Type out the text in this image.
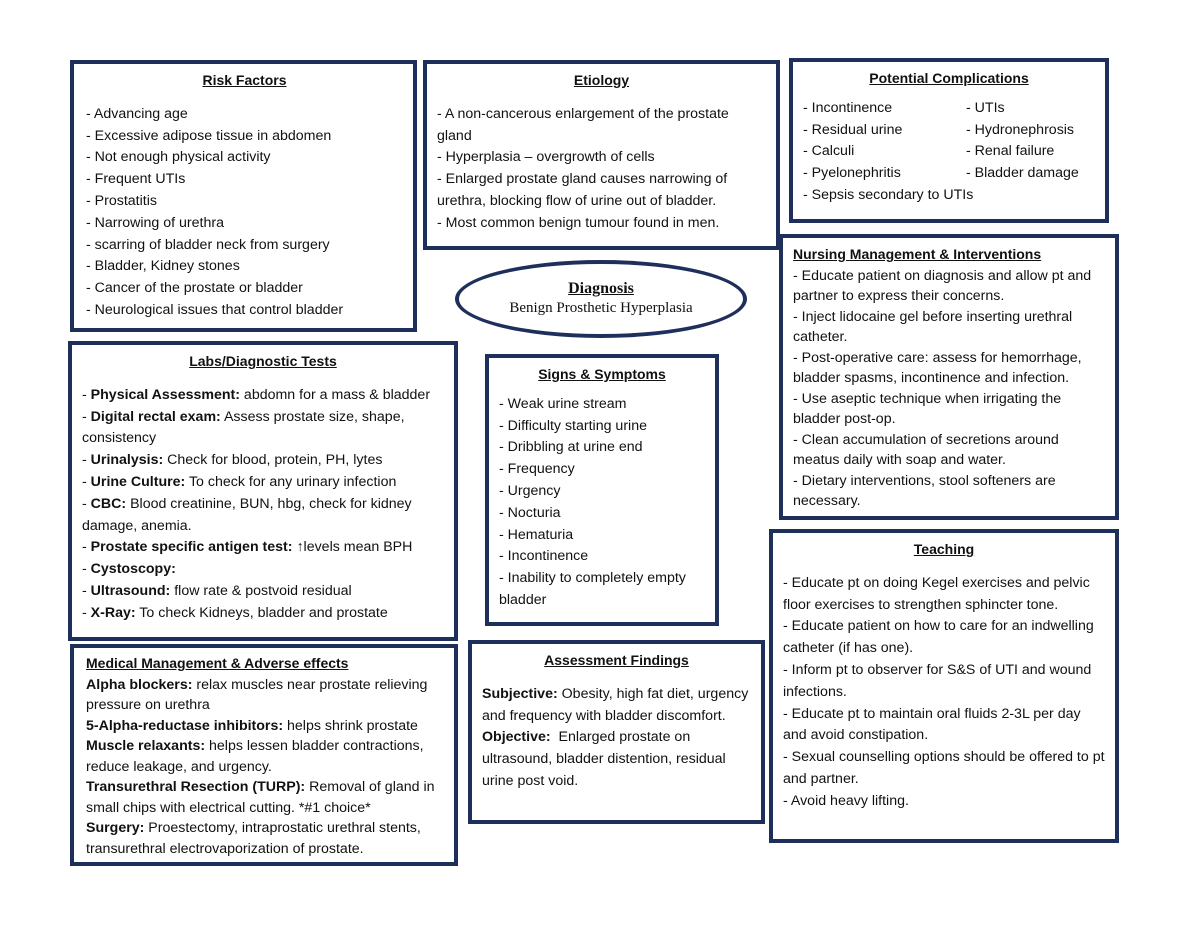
Risk Factors
- Advancing age
- Excessive adipose tissue in abdomen
- Not enough physical activity
- Frequent UTIs
- Prostatitis
- Narrowing of urethra
- scarring of bladder neck from surgery
- Bladder, Kidney stones
- Cancer of the prostate or bladder
- Neurological issues that control bladder
Etiology
- A non-cancerous enlargement of the prostate gland
- Hyperplasia – overgrowth of cells
- Enlarged prostate gland causes narrowing of urethra, blocking flow of urine out of bladder.
- Most common benign tumour found in men.
Potential Complications
- Incontinence	- UTIs
- Residual urine	- Hydronephrosis
- Calculi	- Renal failure
- Pyelonephritis	- Bladder damage
- Sepsis secondary to UTIs
Nursing Management & Interventions
- Educate patient on diagnosis and allow pt and partner to express their concerns.
- Inject lidocaine gel before inserting urethral catheter.
- Post-operative care: assess for hemorrhage, bladder spasms, incontinence and infection.
- Use aseptic technique when irrigating the bladder post-op.
- Clean accumulation of secretions around meatus daily with soap and water.
- Dietary interventions, stool softeners are necessary.
Diagnosis
Benign Prosthetic Hyperplasia
Labs/Diagnostic Tests
- Physical Assessment: abdomn for a mass & bladder
- Digital rectal exam: Assess prostate size, shape, consistency
- Urinalysis: Check for blood, protein, PH, lytes
- Urine Culture: To check for any urinary infection
- CBC: Blood creatinine, BUN, hbg, check for kidney damage, anemia.
- Prostate specific antigen test: ↑levels mean BPH
- Cystoscopy:
- Ultrasound: flow rate & postvoid residual
- X-Ray: To check Kidneys, bladder and prostate
Signs & Symptoms
- Weak urine stream
- Difficulty starting urine
- Dribbling at urine end
- Frequency
- Urgency
- Nocturia
- Hematuria
- Incontinence
- Inability to completely empty bladder
Teaching
- Educate pt on doing Kegel exercises and pelvic floor exercises to strengthen sphincter tone.
- Educate patient on how to care for an indwelling catheter (if has one).
- Inform pt to observer for S&S of UTI and wound infections.
- Educate pt to maintain oral fluids 2-3L per day and avoid constipation.
- Sexual counselling options should be offered to pt and partner.
- Avoid heavy lifting.
Medical Management & Adverse effects
Alpha blockers: relax muscles near prostate relieving pressure on urethra
5-Alpha-reductase inhibitors: helps shrink prostate
Muscle relaxants: helps lessen bladder contractions, reduce leakage, and urgency.
Transurethral Resection (TURP): Removal of gland in small chips with electrical cutting. *#1 choice*
Surgery: Proestectomy, intraprostatic urethral stents, transurethral electrovaporization of prostate.
Assessment Findings
Subjective: Obesity, high fat diet, urgency and frequency with bladder discomfort.
Objective:  Enlarged prostate on ultrasound, bladder distention, residual urine post void.
